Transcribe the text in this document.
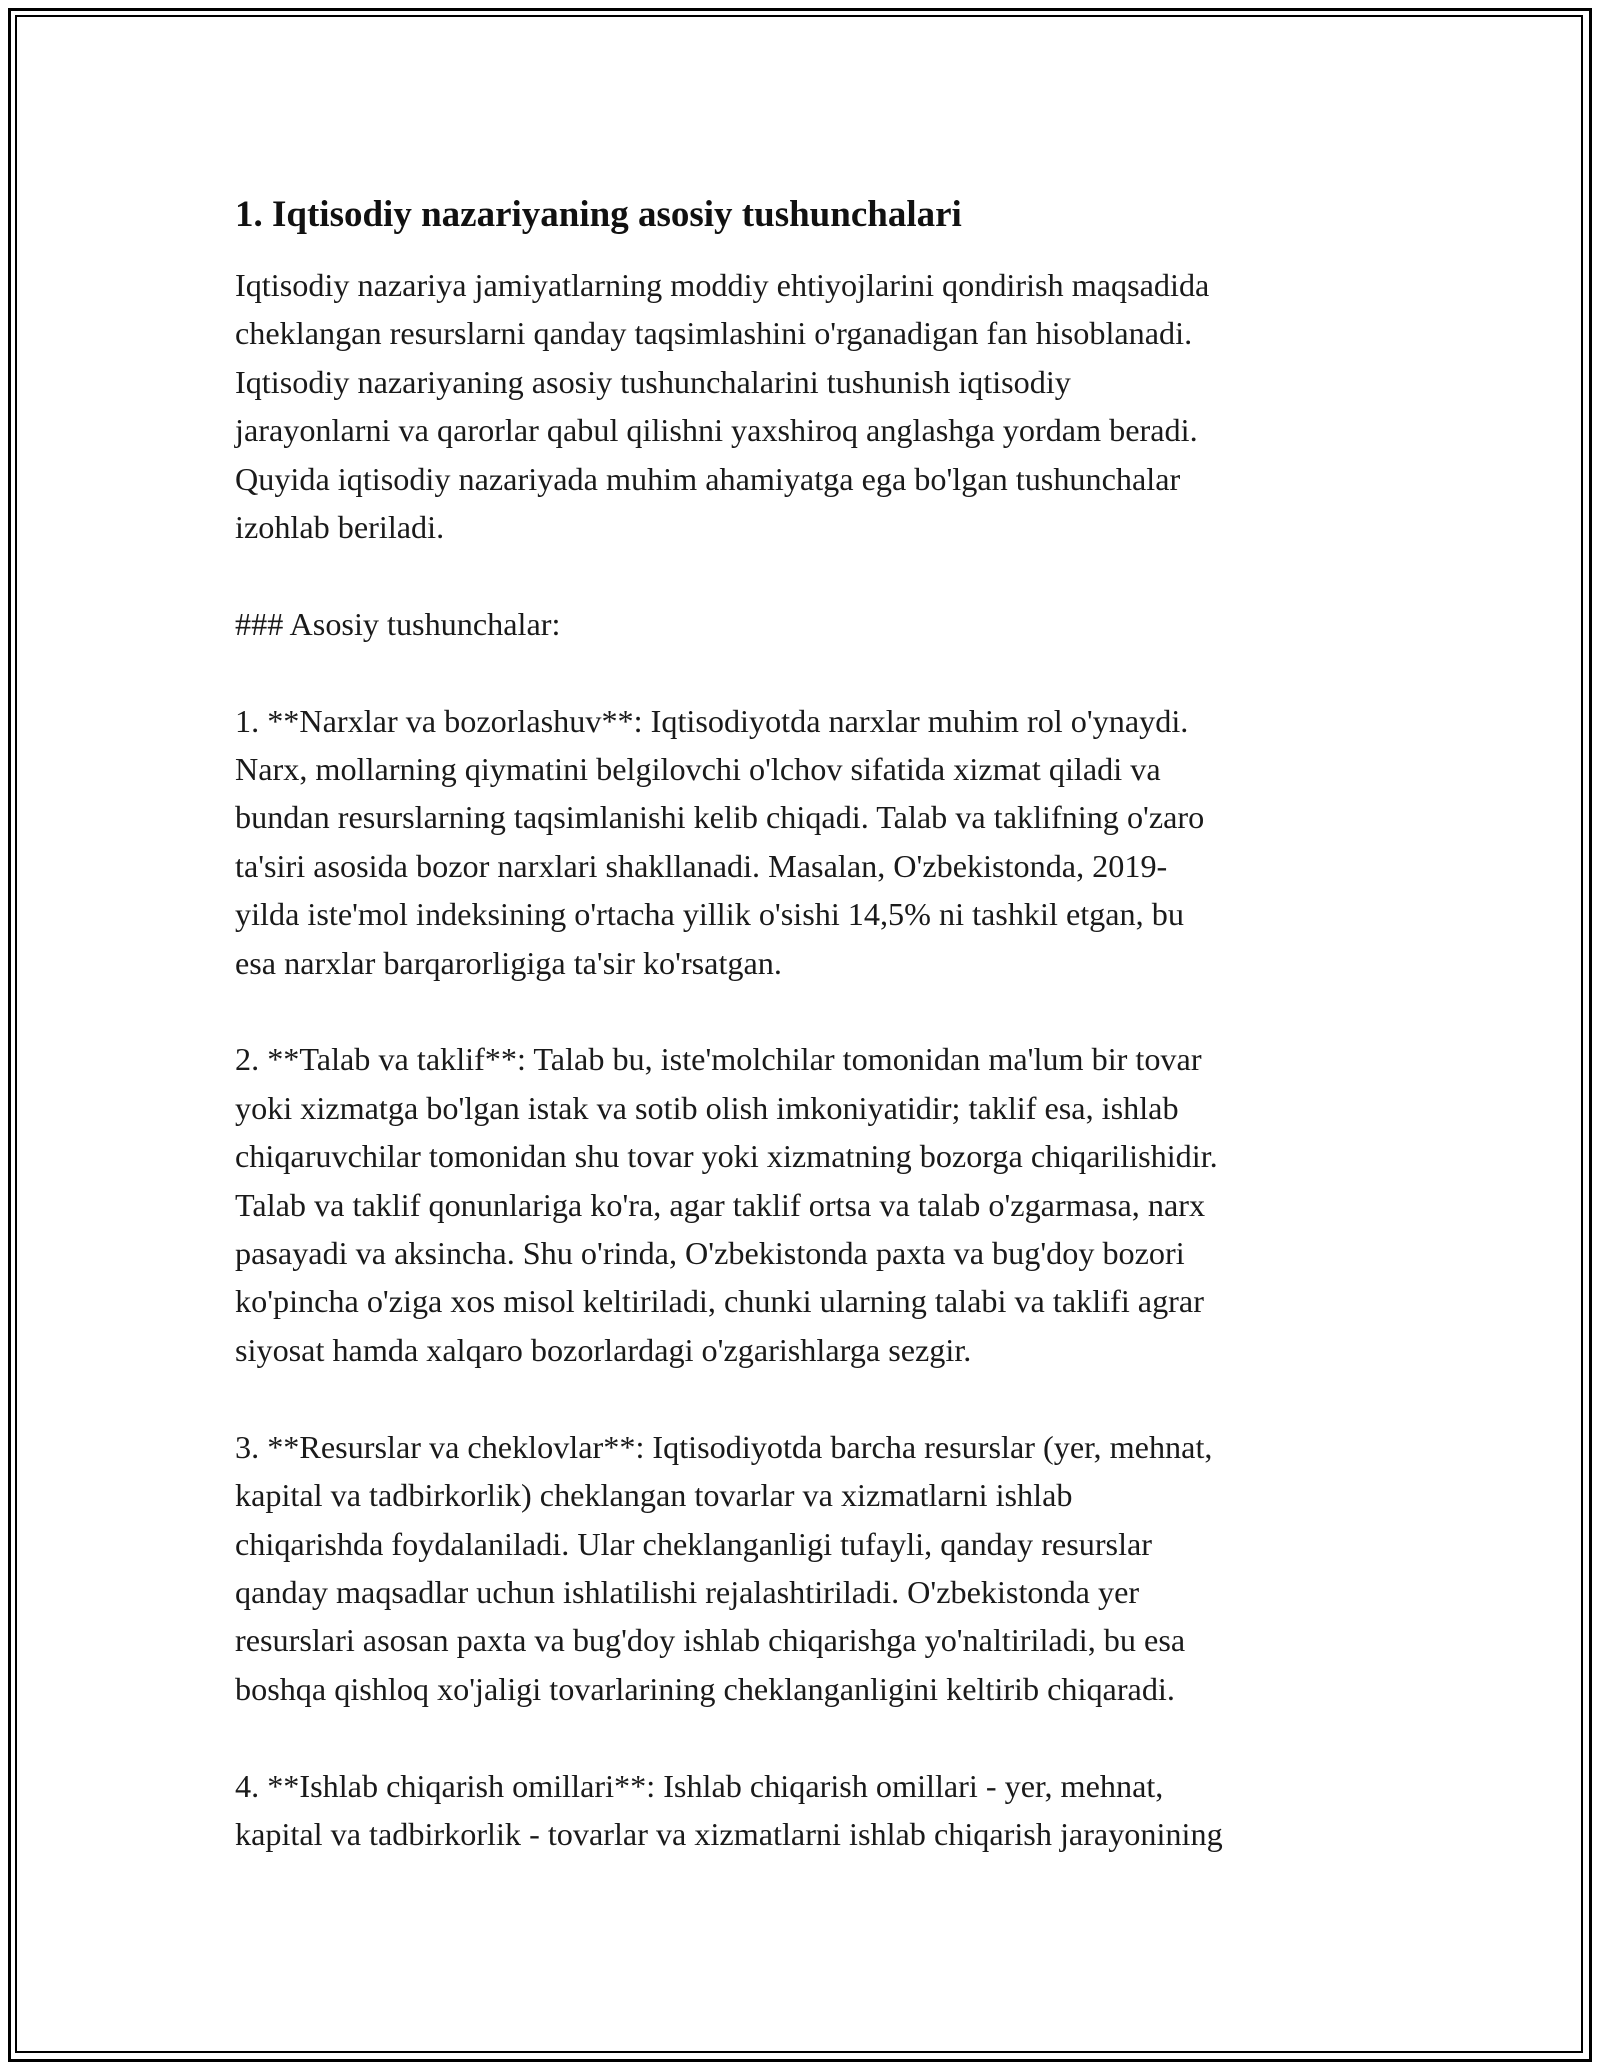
1. Iqtisodiy nazariyaning asosiy tushunchalari
Iqtisodiy nazariya jamiyatlarning moddiy ehtiyojlarini qondirish maqsadida
cheklangan resurslarni qanday taqsimlashini o'rganadigan fan hisoblanadi.
Iqtisodiy nazariyaning asosiy tushunchalarini tushunish iqtisodiy
jarayonlarni va qarorlar qabul qilishni yaxshiroq anglashga yordam beradi.
Quyida iqtisodiy nazariyada muhim ahamiyatga ega bo'lgan tushunchalar
izohlab beriladi.
### Asosiy tushunchalar:
1. **Narxlar va bozorlashuv**: Iqtisodiyotda narxlar muhim rol o'ynaydi.
Narx, mollarning qiymatini belgilovchi o'lchov sifatida xizmat qiladi va
bundan resurslarning taqsimlanishi kelib chiqadi. Talab va taklifning o'zaro
ta'siri asosida bozor narxlari shakllanadi. Masalan, O'zbekistonda, 2019-
yilda iste'mol indeksining o'rtacha yillik o'sishi 14,5% ni tashkil etgan, bu
esa narxlar barqarorligiga ta'sir ko'rsatgan.
2. **Talab va taklif**: Talab bu, iste'molchilar tomonidan ma'lum bir tovar
yoki xizmatga bo'lgan istak va sotib olish imkoniyatidir; taklif esa, ishlab
chiqaruvchilar tomonidan shu tovar yoki xizmatning bozorga chiqarilishidir.
Talab va taklif qonunlariga ko'ra, agar taklif ortsa va talab o'zgarmasa, narx
pasayadi va aksincha. Shu o'rinda, O'zbekistonda paxta va bug'doy bozori
ko'pincha o'ziga xos misol keltiriladi, chunki ularning talabi va taklifi agrar
siyosat hamda xalqaro bozorlardagi o'zgarishlarga sezgir.
3. **Resurslar va cheklovlar**: Iqtisodiyotda barcha resurslar (yer, mehnat,
kapital va tadbirkorlik) cheklangan tovarlar va xizmatlarni ishlab
chiqarishda foydalaniladi. Ular cheklanganligi tufayli, qanday resurslar
qanday maqsadlar uchun ishlatilishi rejalashtiriladi. O'zbekistonda yer
resurslari asosan paxta va bug'doy ishlab chiqarishga yo'naltiriladi, bu esa
boshqa qishloq xo'jaligi tovarlarining cheklanganligini keltirib chiqaradi.
4. **Ishlab chiqarish omillari**: Ishlab chiqarish omillari - yer, mehnat,
kapital va tadbirkorlik - tovarlar va xizmatlarni ishlab chiqarish jarayonining
